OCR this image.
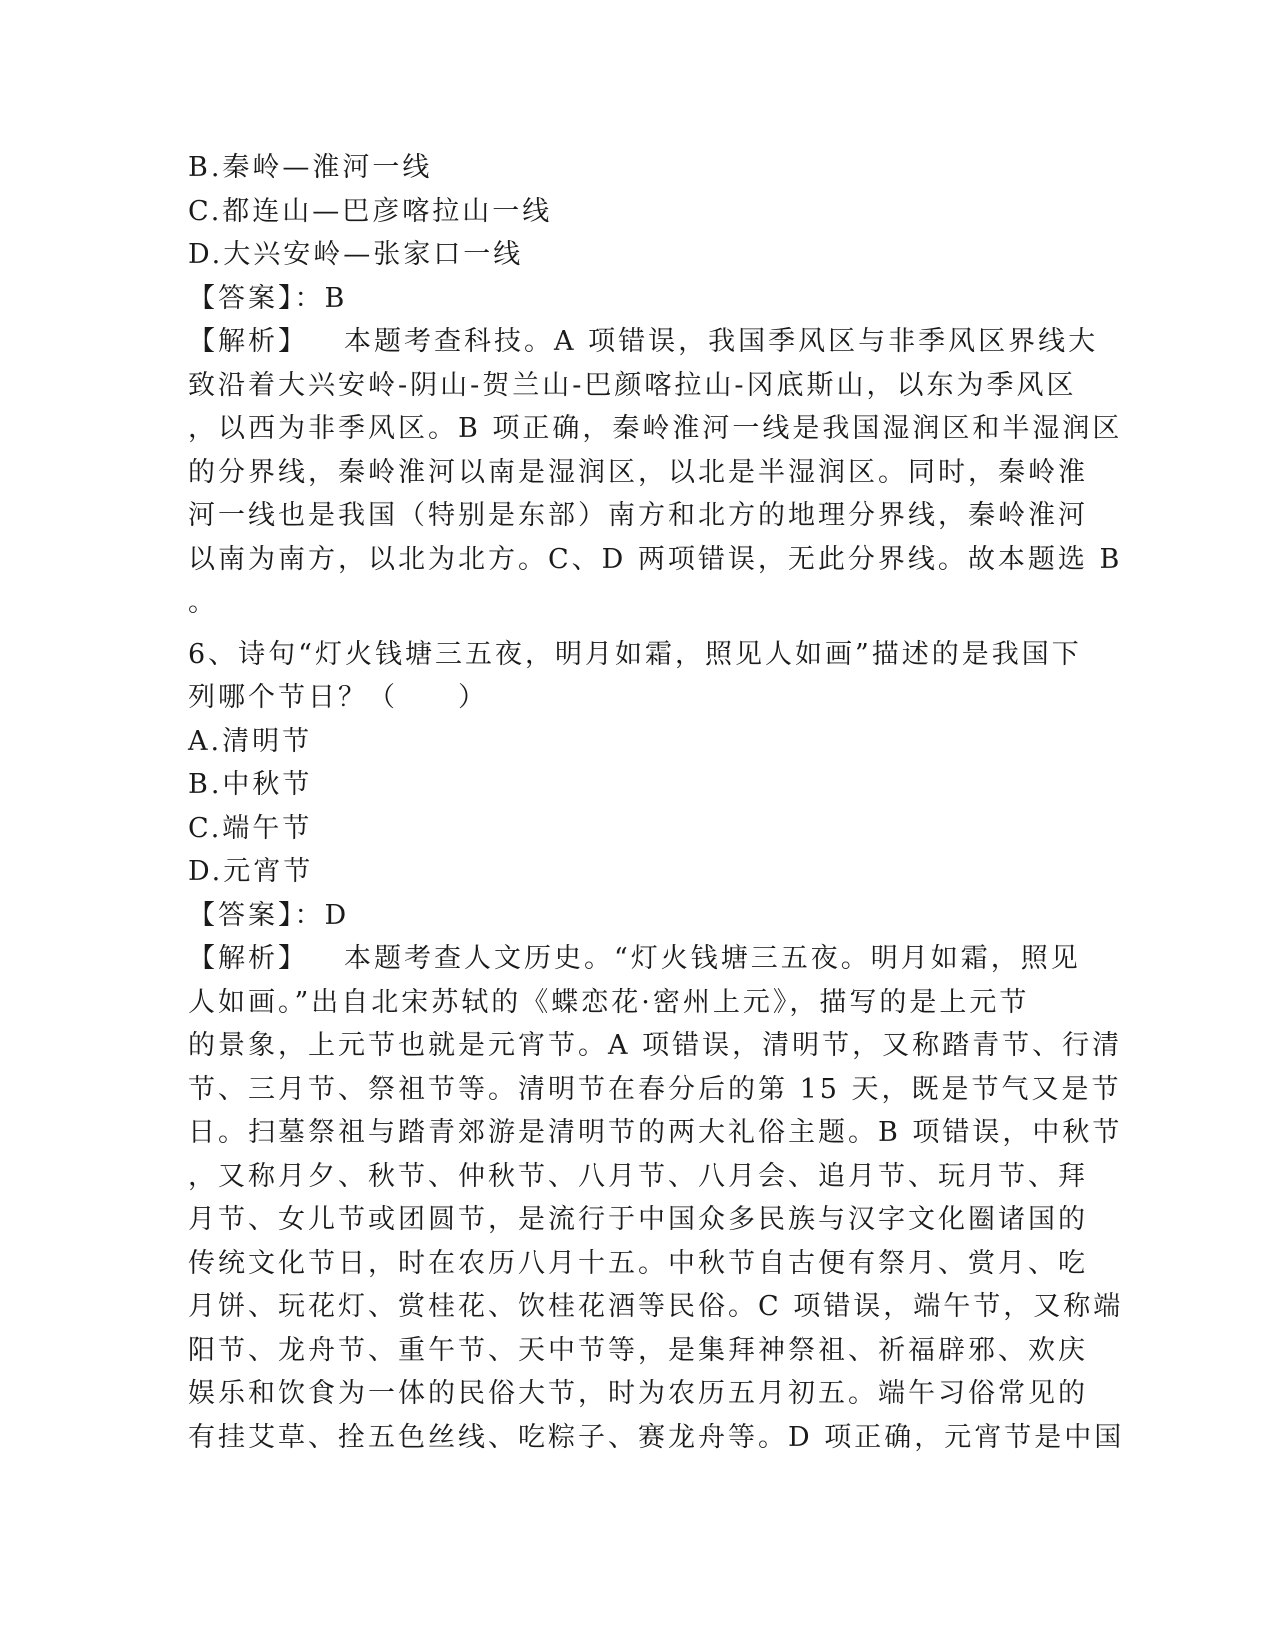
B.秦岭—淮河一线
C.都连山—巴彦喀拉山一线
D.大兴安岭—张家口一线
【答案】：B
【解析】 本题考查科技。A 项错误，我国季风区与非季风区界线大
致沿着大兴安岭-阴山-贺兰山-巴颜喀拉山-冈底斯山，以东为季风区
，以西为非季风区。B 项正确，秦岭淮河一线是我国湿润区和半湿润区
的分界线，秦岭淮河以南是湿润区，以北是半湿润区。同时，秦岭淮
河一线也是我国（特别是东部）南方和北方的地理分界线，秦岭淮河
以南为南方，以北为北方。C、D 两项错误，无此分界线。故本题选 B
。
6、诗句“灯火钱塘三五夜，明月如霜，照见人如画”描述的是我国下
列哪个节日？（　　）
A.清明节
B.中秋节
C.端午节
D.元宵节
【答案】：D
【解析】 本题考查人文历史。“灯火钱塘三五夜。明月如霜，照见
人如画。”出自北宋苏轼的《蝶恋花·密州上元》，描写的是上元节
的景象，上元节也就是元宵节。A 项错误，清明节，又称踏青节、行清
节、三月节、祭祖节等。清明节在春分后的第 15 天，既是节气又是节
日。扫墓祭祖与踏青郊游是清明节的两大礼俗主题。B 项错误，中秋节
，又称月夕、秋节、仲秋节、八月节、八月会、追月节、玩月节、拜
月节、女儿节或团圆节，是流行于中国众多民族与汉字文化圈诸国的
传统文化节日，时在农历八月十五。中秋节自古便有祭月、赏月、吃
月饼、玩花灯、赏桂花、饮桂花酒等民俗。C 项错误，端午节，又称端
阳节、龙舟节、重午节、天中节等，是集拜神祭祖、祈福辟邪、欢庆
娱乐和饮食为一体的民俗大节，时为农历五月初五。端午习俗常见的
有挂艾草、拴五色丝线、吃粽子、赛龙舟等。D 项正确，元宵节是中国
